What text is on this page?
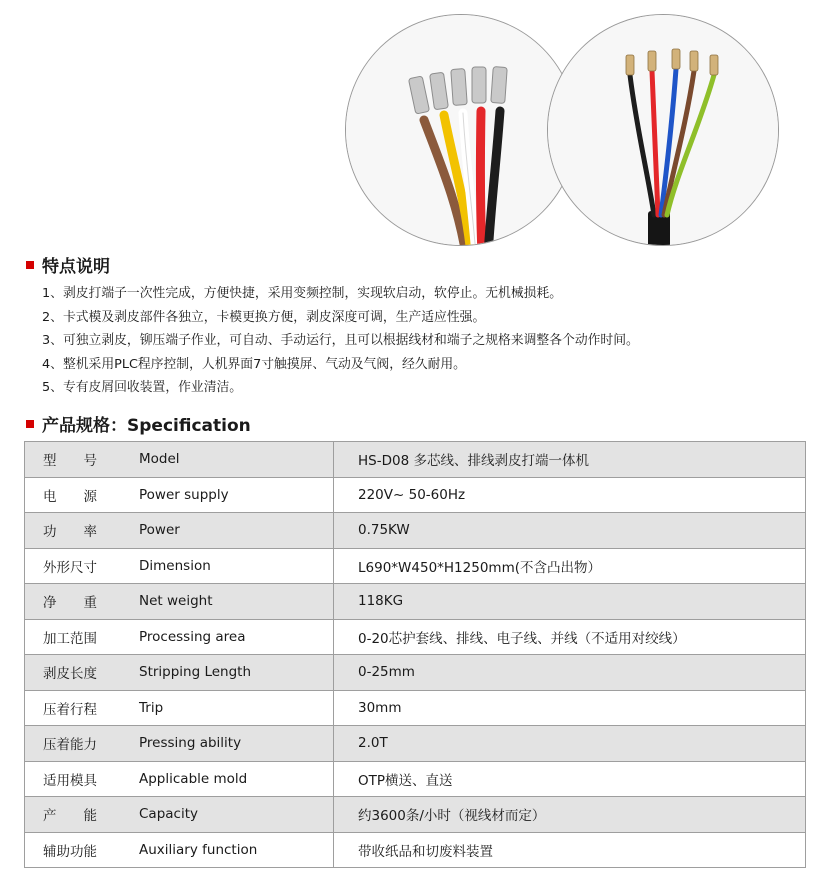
特点说明
1、剥皮打端子一次性完成，方便快捷，采用变频控制，实现软启动，软停止。无机械损耗。
2、卡式模及剥皮部件各独立，卡模更换方便，剥皮深度可调，生产适应性强。
3、可独立剥皮，铆压端子作业，可自动、手动运行，且可以根据线材和端子之规格来调整各个动作时间。
4、整机采用PLC程序控制，人机界面7寸触摸屏、气动及气阀，经久耐用。
5、专有皮屑回收装置，作业清洁。
产品规格：Specification
型　　号	Model	HS-D08 多芯线、排线剥皮打端一体机
电　　源	Power supply	220V~ 50-60Hz
功　　率	Power	0.75KW
外形尺寸	Dimension	L690*W450*H1250mm(不含凸出物）
净　　重	Net weight	118KG
加工范围	Processing area	0-20芯护套线、排线、电子线、并线（不适用对绞线）
剥皮长度	Stripping Length	0-25mm
压着行程	Trip	30mm
压着能力	Pressing ability	2.0T
适用模具	Applicable mold	OTP横送、直送
产　　能	Capacity	约3600条/小时（视线材而定）
辅助功能	Auxiliary function	带收纸品和切废料装置
